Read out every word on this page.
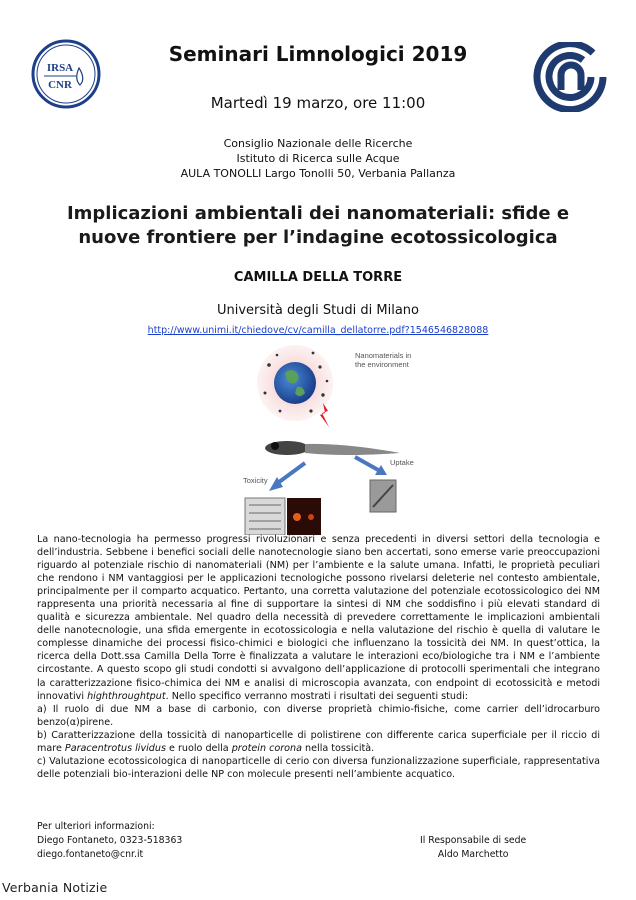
IRSA
CNR
Seminari Limnologici 2019
Martedì 19 marzo, ore 11:00
Consiglio Nazionale delle Ricerche
Istituto di Ricerca sulle Acque
AULA TONOLLI Largo Tonolli 50, Verbania Pallanza
Implicazioni ambientali dei nanomateriali: sfide e nuove frontiere per l’indagine ecotossicologica
CAMILLA DELLA TORRE
Università degli Studi di Milano
http://www.unimi.it/chiedove/cv/camilla_dellatorre.pdf?1546546828088
Nanomaterials in
the environment
Toxicity
Uptake

La nano-tecnologia ha permesso progressi rivoluzionari e senza precedenti in diversi settori della tecnologia e dell’industria. Sebbene i benefici sociali delle nanotecnologie siano ben accertati, sono emerse varie preoccupazioni riguardo al potenziale rischio di nanomateriali (NM) per l’ambiente e la salute umana. Infatti, le proprietà peculiari che rendono i NM vantaggiosi per le applicazioni tecnologiche possono rivelarsi deleterie nel contesto ambientale, principalmente per il comparto acquatico. Pertanto, una corretta valutazione del potenziale ecotossicologico dei NM rappresenta una priorità necessaria al fine di supportare la sintesi di NM che soddisfino i più elevati standard di qualità e sicurezza ambientale. Nel quadro della necessità di prevedere correttamente le implicazioni ambientali delle nanotecnologie, una sfida emergente in ecotossicologia e nella valutazione del rischio è quella di valutare le complesse dinamiche dei processi fisico-chimici e biologici che influenzano la tossicità dei NM. In quest’ottica, la ricerca della Dott.ssa Camilla Della Torre è finalizzata a valutare le interazioni eco/biologiche tra i NM e l’ambiente circostante. A questo scopo gli studi condotti si avvalgono dell’applicazione di protocolli sperimentali che integrano la caratterizzazione fisico-chimica dei NM e analisi di microscopia avanzata, con endpoint di ecotossicità e metodi innovativi highthroughtput. Nello specifico verranno mostrati i risultati dei seguenti studi:

a) Il ruolo di due NM a base di carbonio, con diverse proprietà chimio-fisiche, come carrier dell’idrocarburo benzo(α)pirene.

b) Caratterizzazione della tossicità di nanoparticelle di polistirene con differente carica superficiale per il riccio di mare Paracentrotus lividus e ruolo della protein corona nella tossicità.

c) Valutazione ecotossicologica di nanoparticelle di cerio con diversa funzionalizzazione superficiale, rappresentativa delle potenziali bio-interazioni delle NP con molecule presenti nell’ambiente acquatico.

Per ulteriori informazioni:
Diego Fontaneto, 0323-518363
diego.fontaneto@cnr.it
Il Responsabile di sede
Aldo Marchetto
Verbania Notizie
